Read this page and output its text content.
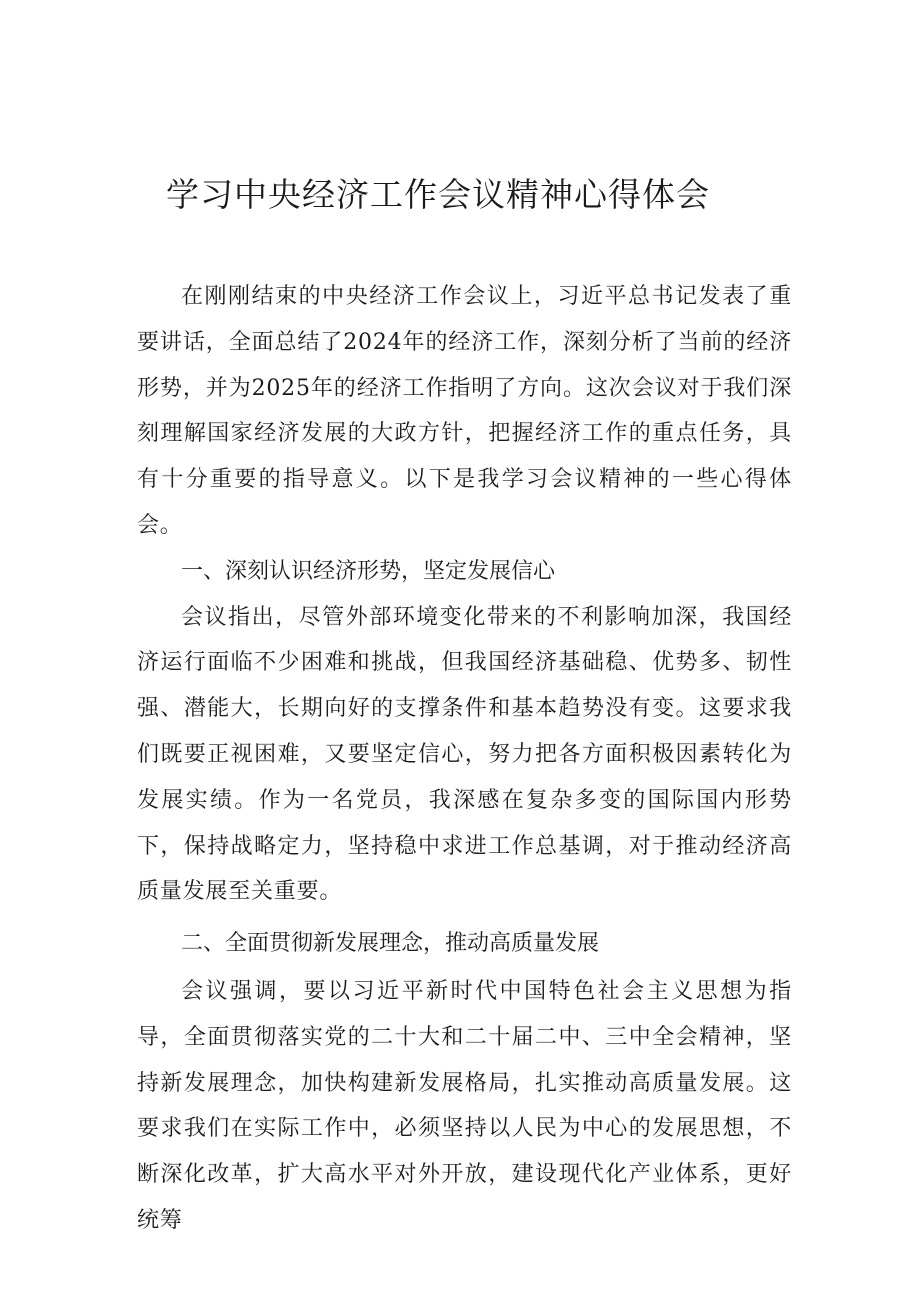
学习中央经济工作会议精神心得体会

在刚刚结束的中央经济工作会议上，习近平总书记发表了重要讲话，全面总结了2024年的经济工作，深刻分析了当前的经济形势，并为2025年的经济工作指明了方向。这次会议对于我们深刻理解国家经济发展的大政方针，把握经济工作的重点任务，具有十分重要的指导意义。以下是我学习会议精神的一些心得体会。

一、深刻认识经济形势，坚定发展信心

会议指出，尽管外部环境变化带来的不利影响加深，我国经济运行面临不少困难和挑战，但我国经济基础稳、优势多、韧性强、潜能大，长期向好的支撑条件和基本趋势没有变。这要求我们既要正视困难，又要坚定信心，努力把各方面积极因素转化为发展实绩。作为一名党员，我深感在复杂多变的国际国内形势下，保持战略定力，坚持稳中求进工作总基调，对于推动经济高质量发展至关重要。

二、全面贯彻新发展理念，推动高质量发展

会议强调，要以习近平新时代中国特色社会主义思想为指导，全面贯彻落实党的二十大和二十届二中、三中全会精神，坚持新发展理念，加快构建新发展格局，扎实推动高质量发展。这要求我们在实际工作中，必须坚持以人民为中心的发展思想，不断深化改革，扩大高水平对外开放，建设现代化产业体系，更好统筹
